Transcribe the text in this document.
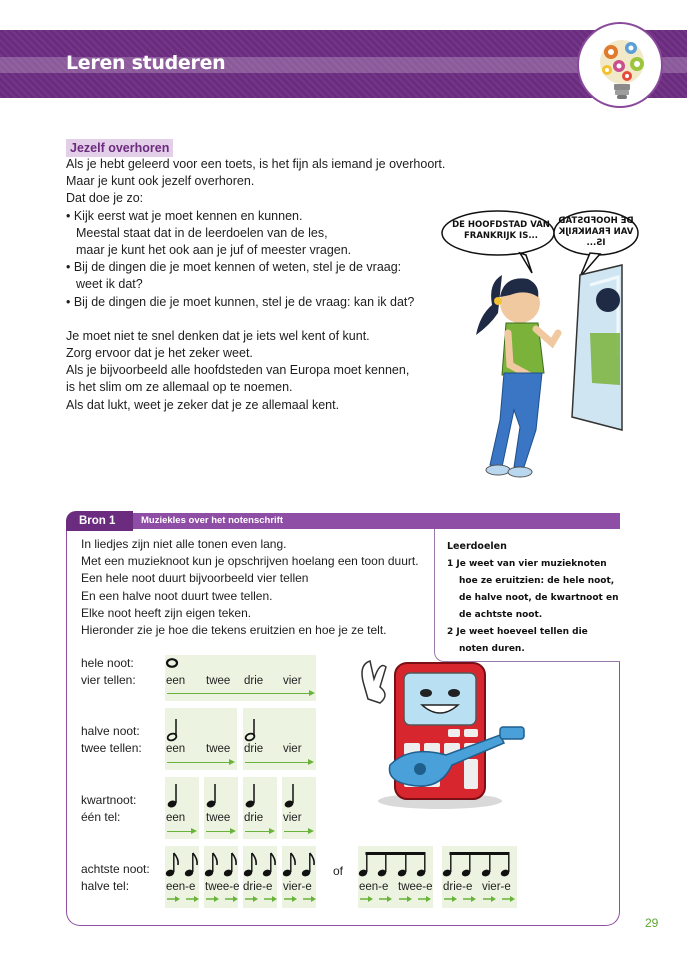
Leren studeren
Jezelf overhoren

Als je hebt geleerd voor een toets, is het fijn als iemand je overhoort.

Maar je kunt ook jezelf overhoren.

Dat doe je zo:

• Kijk eerst wat je moet kennen en kunnen.

Meestal staat dat in de leerdoelen van de les,

maar je kunt het ook aan je juf of meester vragen.

• Bij de dingen die je moet kennen of weten, stel je de vraag:

weet ik dat?

• Bij de dingen die je moet kunnen, stel je de vraag: kan ik dat?

Je moet niet te snel denken dat je iets wel kent of kunt.

Zorg ervoor dat je het zeker weet.

Als je bijvoorbeeld alle hoofdsteden van Europa moet kennen,

is het slim om ze allemaal op te noemen.

Als dat lukt, weet je zeker dat je ze allemaal kent.

DE HOOFDSTAD VAN FRANKRIJK IS...
DE HOOFDSTAD VAN FRANKRIJK IS...
Bron 1	Muziekles over het notenschrift

In liedjes zijn niet alle tonen even lang.

Met een muzieknoot kun je opschrijven hoelang een toon duurt.

Een hele noot duurt bijvoorbeeld vier tellen

En een halve noot duurt twee tellen.

Elke noot heeft zijn eigen teken.

Hieronder zie je hoe die tekens eruitzien en hoe je ze telt.

Leerdoelen
1 Je weet van vier muzieknoten hoe ze eruitzien: de hele noot, de halve noot, de kwartnoot en de achtste noot.
2 Je weet hoeveel tellen die noten duren.
hele noot:
vier tellen:
halve noot:
twee tellen:
kwartnoot:
één tel:
achtste noot:
halve tel:
een twee drie vier
een twee drie vier
een twee drie vier
een-e twee-e drie-e vier-e
of
een-e twee-e drie-e vier-e
29
